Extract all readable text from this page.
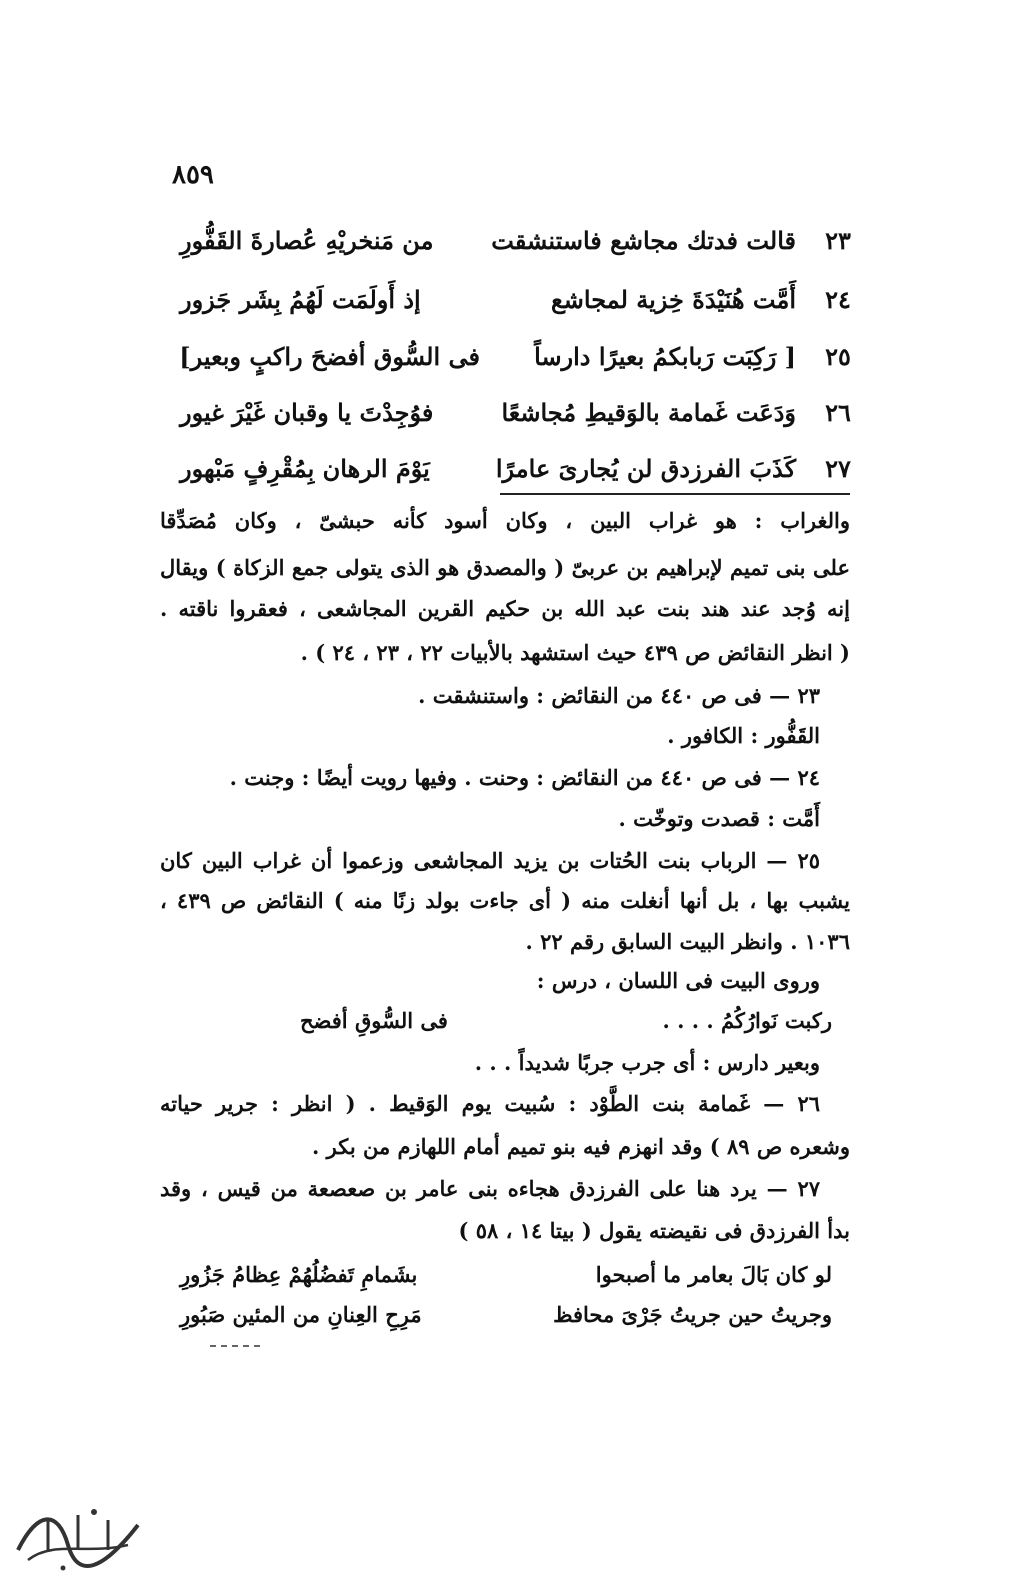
٨٥٩
٢٣
قالت فدتك مجاشع فاستنشقت
من مَنخريْهِ عُصارةَ القَفُّورِ
٢٤
أَمَّت هُنَيْدَةَ خِزية لمجاشع
إذ أَولَمَت لَهُمُ بِشَر جَزور
٢٥
[ رَكِبَت رَبابكمُ بعيرًا دارساً
فى السُّوق أفضحَ راكبٍ وبعير]
٢٦
وَدَعَت غَمامة بالوَقيطِ مُجاشعًا
فوُجِدْتَ يا وقبان غَيْرَ غيور
٢٧
كَذَبَ الفرزدق لن يُجارىَ عامرًا
يَوْمَ الرهان بِمُقْرِفٍ مَبْهور
والغراب : هو غراب البين ، وكان أسود كأنه حبشىّ ، وكان مُصَدِّقا
على بنى تميم لإبراهيم بن عربىّ ( والمصدق هو الذى يتولى جمع الزكاة ) ويقال
إنه وُجد عند هند بنت عبد الله بن حكيم القرين المجاشعى ، فعقروا ناقته .
( انظر النقائض ص ٤٣٩ حيث استشهد بالأبيات ٢٢ ، ٢٣ ، ٢٤ ) .
٢٣ — فى ص ٤٤٠ من النقائض : واستنشقت .
القَفُّور : الكافور .
٢٤ — فى ص ٤٤٠ من النقائض : وحنت . وفيها رويت أيضًا : وجنت .
أَمَّت : قصدت وتوخّت .
٢٥ — الرباب بنت الحُتات بن يزيد المجاشعى وزعموا أن غراب البين كان
يشبب بها ، بل أنها أنغلت منه ( أى جاءت بولد زنًا منه ) النقائض ص ٤٣٩ ،
١٠٣٦ . وانظر البيت السابق رقم ٢٢ .
وروى البيت فى اللسان ، درس :
ركبت نَوارُكُمُ . . . .
فى السُّوقِ أفضح
وبعير دارس : أى جرب جربًا شديداً . . .
٢٦ — غَمامة بنت الطَّوْد : سُبيت يوم الوَقيط . ( انظر : جرير حياته
وشعره ص ٨٩ ) وقد انهزم فيه بنو تميم أمام اللهازم من بكر .
٢٧ — يرد هنا على الفرزدق هجاءه بنى عامر بن صعصعة من قيس ، وقد
بدأ الفرزدق فى نقيضته يقول ( بيتا ١٤ ، ٥٨ )
لو كان بَالَ بعامر ما أصبحوا
بشَمامِ تَفضُلُهُمْ عِظامُ جَزُورِ
وجريتُ حين جريتُ جَرْىَ محافظ
مَرِحِ العِنانِ من المئين صَبُورِ
